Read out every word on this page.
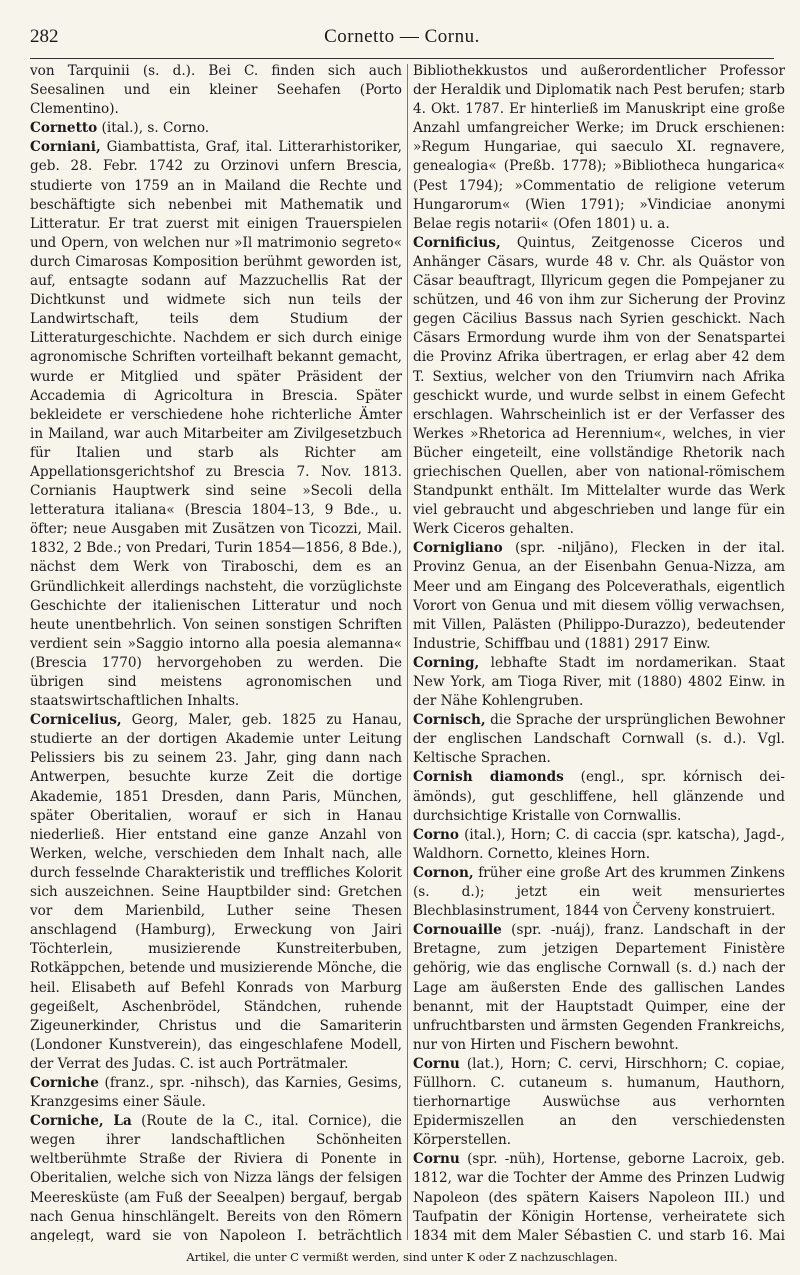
282	Cornetto — Cornu.

von Tarquinii (s. d.). Bei C. finden sich auch Seesalinen und ein kleiner Seehafen (Porto Clementino).

Cornetto (ital.), s. Corno.

Corniani, Giambattista, Graf, ital. Litterarhistoriker, geb. 28. Febr. 1742 zu Orzinovi unfern Brescia, studierte von 1759 an in Mailand die Rechte und beschäftigte sich nebenbei mit Mathematik und Litteratur. Er trat zuerst mit einigen Trauerspielen und Opern, von welchen nur »Il matrimonio segreto« durch Cimarosas Komposition berühmt geworden ist, auf, entsagte sodann auf Mazzuchellis Rat der Dichtkunst und widmete sich nun teils der Landwirtschaft, teils dem Studium der Litteraturgeschichte. Nachdem er sich durch einige agronomische Schriften vorteilhaft bekannt gemacht, wurde er Mitglied und später Präsident der Accademia di Agricoltura in Brescia. Später bekleidete er verschiedene hohe richterliche Ämter in Mailand, war auch Mitarbeiter am Zivilgesetzbuch für Italien und starb als Richter am Appellationsgerichtshof zu Brescia 7. Nov. 1813. Cornianis Hauptwerk sind seine »Secoli della letteratura italiana« (Brescia 1804–13, 9 Bde., u. öfter; neue Ausgaben mit Zusätzen von Ticozzi, Mail. 1832, 2 Bde.; von Predari, Turin 1854—1856, 8 Bde.), nächst dem Werk von Tiraboschi, dem es an Gründlichkeit allerdings nachsteht, die vorzüglichste Geschichte der italienischen Litteratur und noch heute unentbehrlich. Von seinen sonstigen Schriften verdient sein »Saggio intorno alla poesia alemanna« (Brescia 1770) hervorgehoben zu werden. Die übrigen sind meistens agronomischen und staatswirtschaftlichen Inhalts.

Cornicelius, Georg, Maler, geb. 1825 zu Hanau, studierte an der dortigen Akademie unter Leitung Pelissiers bis zu seinem 23. Jahr, ging dann nach Antwerpen, besuchte kurze Zeit die dortige Akademie, 1851 Dresden, dann Paris, München, später Oberitalien, worauf er sich in Hanau niederließ. Hier entstand eine ganze Anzahl von Werken, welche, verschieden dem Inhalt nach, alle durch fesselnde Charakteristik und treffliches Kolorit sich auszeichnen. Seine Hauptbilder sind: Gretchen vor dem Marienbild, Luther seine Thesen anschlagend (Hamburg), Erweckung von Jairi Töchterlein, musizierende Kunstreiterbuben, Rotkäppchen, betende und musizierende Mönche, die heil. Elisabeth auf Befehl Konrads von Marburg gegeißelt, Aschenbrödel, Ständchen, ruhende Zigeunerkinder, Christus und die Samariterin (Londoner Kunstverein), das eingeschlafene Modell, der Verrat des Judas. C. ist auch Porträtmaler.

Corniche (franz., spr. -nihsch), das Karnies, Gesims, Kranzgesims einer Säule.

Corniche, La (Route de la C., ital. Cornice), die wegen ihrer landschaftlichen Schönheiten weltberühmte Straße der Riviera di Ponente in Oberitalien, welche sich von Nizza längs der felsigen Meeresküste (am Fuß der Seealpen) bergauf, bergab nach Genua hinschlängelt. Bereits von den Römern angelegt, ward sie von Napoleon I. beträchtlich

Bibliothekkustos und außerordentlicher Professor der Heraldik und Diplomatik nach Pest berufen; starb 4. Okt. 1787. Er hinterließ im Manuskript eine große Anzahl umfangreicher Werke; im Druck erschienen: »Regum Hungariae, qui saeculo XI. regnavere, genealogia« (Preßb. 1778); »Bibliotheca hungarica« (Pest 1794); »Commentatio de religione veterum Hungarorum« (Wien 1791); »Vindiciae anonymi Belae regis notarii« (Ofen 1801) u. a.

Cornificius, Quintus, Zeitgenosse Ciceros und Anhänger Cäsars, wurde 48 v. Chr. als Quästor von Cäsar beauftragt, Illyricum gegen die Pompejaner zu schützen, und 46 von ihm zur Sicherung der Provinz gegen Cäcilius Bassus nach Syrien geschickt. Nach Cäsars Ermordung wurde ihm von der Senatspartei die Provinz Afrika übertragen, er erlag aber 42 dem T. Sextius, welcher von den Triumvirn nach Afrika geschickt wurde, und wurde selbst in einem Gefecht erschlagen. Wahrscheinlich ist er der Verfasser des Werkes »Rhetorica ad Herennium«, welches, in vier Bücher eingeteilt, eine vollständige Rhetorik nach griechischen Quellen, aber von national-römischem Standpunkt enthält. Im Mittelalter wurde das Werk viel gebraucht und abgeschrieben und lange für ein Werk Ciceros gehalten.

Cornigliano (spr. -niljāno), Flecken in der ital. Provinz Genua, an der Eisenbahn Genua-Nizza, am Meer und am Eingang des Polceverathals, eigentlich Vorort von Genua und mit diesem völlig verwachsen, mit Villen, Palästen (Philippo-Durazzo), bedeutender Industrie, Schiffbau und (1881) 2917 Einw.

Corning, lebhafte Stadt im nordamerikan. Staat New York, am Tioga River, mit (1880) 4802 Einw. in der Nähe Kohlengruben.

Cornisch, die Sprache der ursprünglichen Bewohner der englischen Landschaft Cornwall (s. d.). Vgl. Keltische Sprachen.

Cornish diamonds (engl., spr. kórnisch dei-ämönds), gut geschliffene, hell glänzende und durchsichtige Kristalle von Cornwallis.

Corno (ital.), Horn; C. di caccia (spr. katscha), Jagd-, Waldhorn. Cornetto, kleines Horn.

Cornon, früher eine große Art des krummen Zinkens (s. d.); jetzt ein weit mensuriertes Blechblasinstrument, 1844 von Červeny konstruiert.

Cornouaille (spr. -nuáj), franz. Landschaft in der Bretagne, zum jetzigen Departement Finistère gehörig, wie das englische Cornwall (s. d.) nach der Lage am äußersten Ende des gallischen Landes benannt, mit der Hauptstadt Quimper, eine der unfruchtbarsten und ärmsten Gegenden Frankreichs, nur von Hirten und Fischern bewohnt.

Cornu (lat.), Horn; C. cervi, Hirschhorn; C. copiae, Füllhorn. C. cutaneum s. humanum, Hauthorn, tierhornartige Auswüchse aus verhornten Epidermiszellen an den verschiedensten Körperstellen.

Cornu (spr. -nüh), Hortense, geborne Lacroix, geb. 1812, war die Tochter der Amme des Prinzen Ludwig Napoleon (des spätern Kaisers Napoleon III.) und Taufpatin der Königin Hortense, verheiratete sich 1834 mit dem Maler Sébastien C. und starb 16. Mai

Artikel, die unter C vermißt werden, sind unter K oder Z nachzuschlagen.
